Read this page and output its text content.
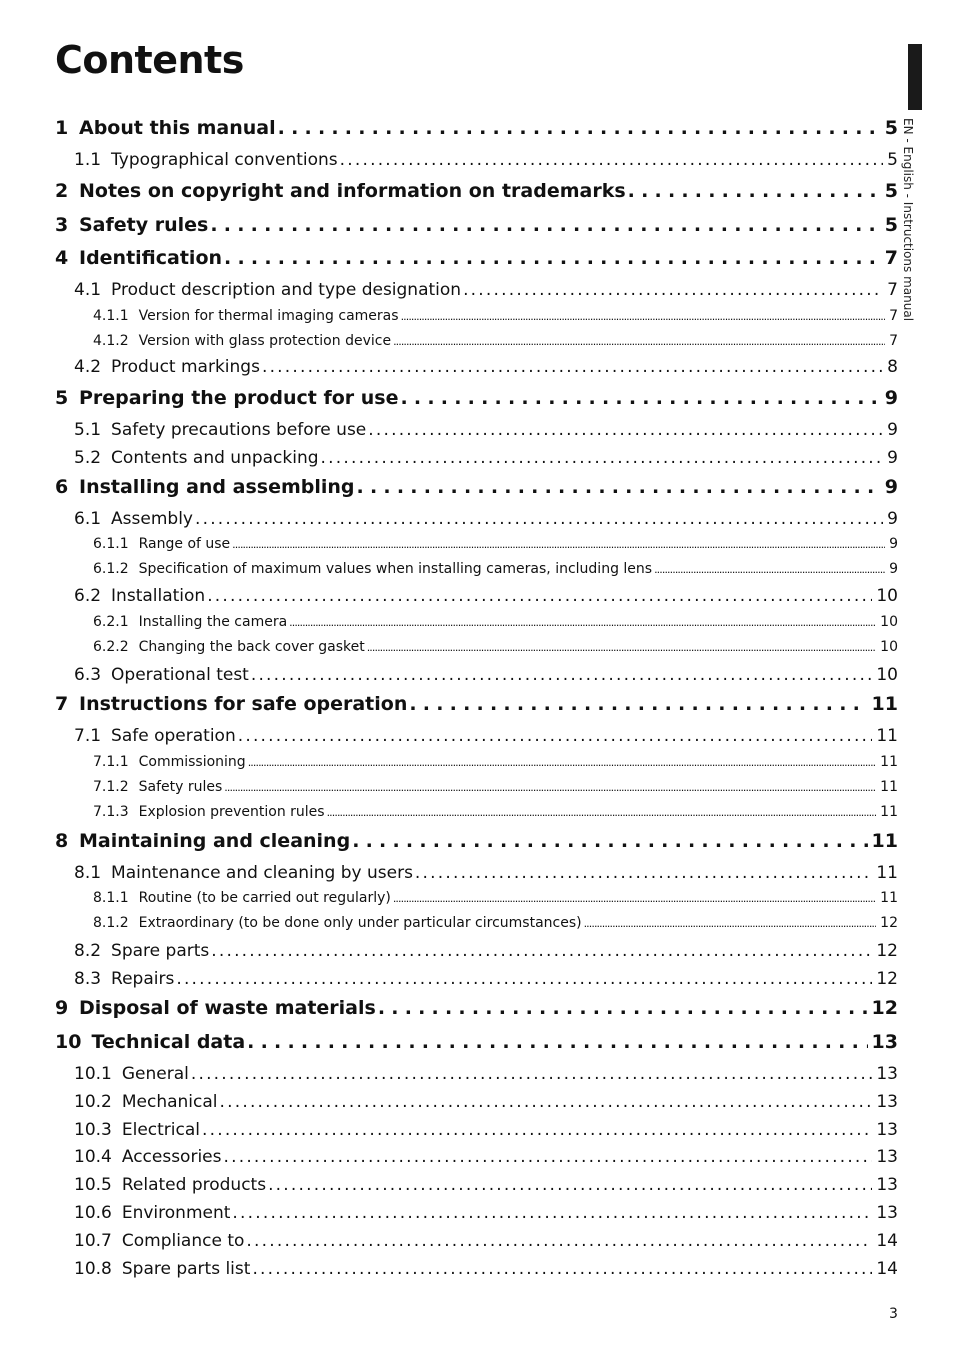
Contents
EN - English - Instructions manual
1 About this manual . . .	5
1.1 Typographical conventions . . .	5
2 Notes on copyright and information on trademarks . . .	5
3 Safety rules . . .	5
4 Identification . . .	7
4.1 Product description and type designation . . .	7
4.1.1 Version for thermal imaging cameras . . .	7
4.1.2 Version with glass protection device . . .	7
4.2 Product markings . . .	8
5 Preparing the product for use . . .	9
5.1 Safety precautions before use . . .	9
5.2 Contents and unpacking . . .	9
6 Installing and assembling . . .	9
6.1 Assembly . . .	9
6.1.1 Range of use . . .	9
6.1.2 Specification of maximum values when installing cameras, including lens . . .	9
6.2 Installation . . .	10
6.2.1 Installing the camera . . .	10
6.2.2 Changing the back cover gasket . . .	10
6.3 Operational test . . .	10
7 Instructions for safe operation . . .	11
7.1 Safe operation . . .	11
7.1.1 Commissioning . . .	11
7.1.2 Safety rules . . .	11
7.1.3 Explosion prevention rules . . .	11
8 Maintaining and cleaning . . .	11
8.1 Maintenance and cleaning by users . . .	11
8.1.1 Routine (to be carried out regularly) . . .	11
8.1.2 Extraordinary (to be done only under particular circumstances) . . .	12
8.2 Spare parts . . .	12
8.3 Repairs . . .	12
9 Disposal of waste materials . . .	12
10 Technical data . . .	13
10.1 General . . .	13
10.2 Mechanical . . .	13
10.3 Electrical . . .	13
10.4 Accessories . . .	13
10.5 Related products . . .	13
10.6 Environment . . .	13
10.7 Compliance to . . .	14
10.8 Spare parts list . . .	14
3
